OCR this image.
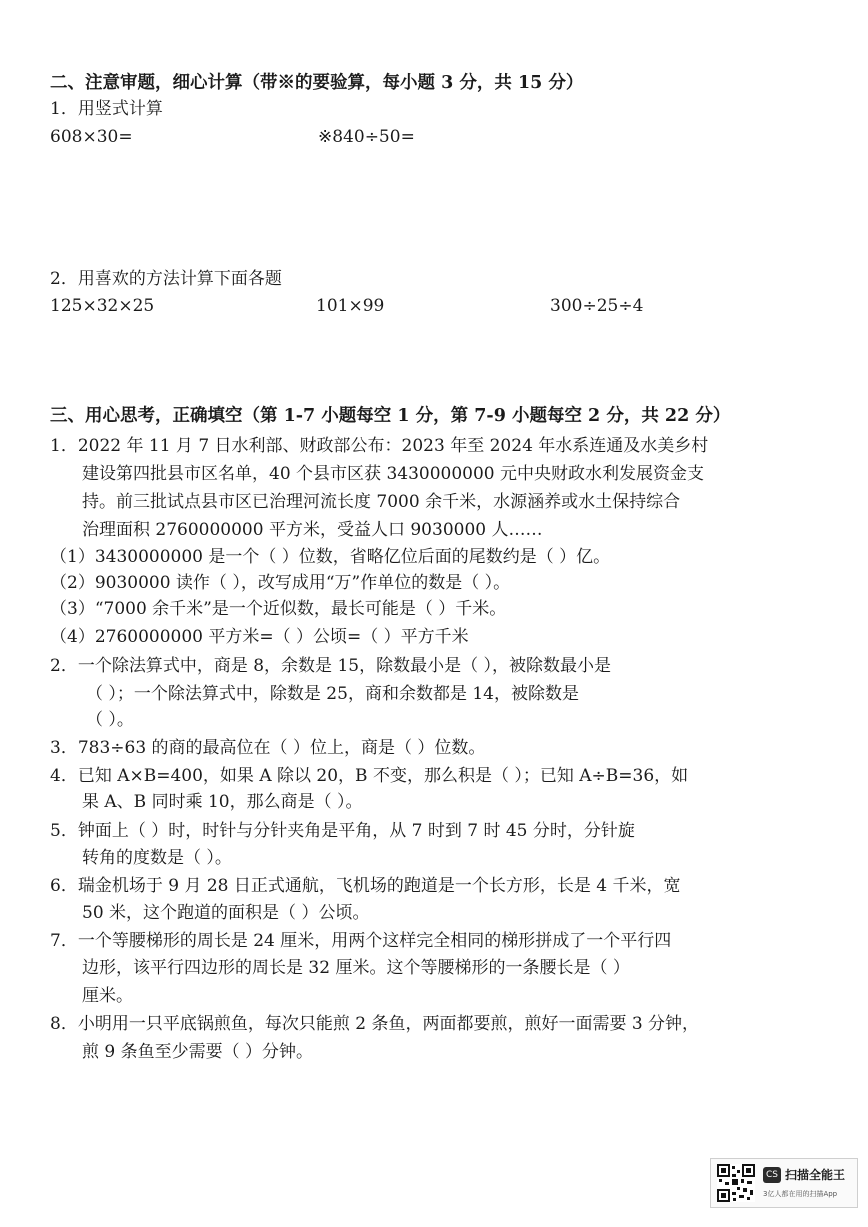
二、注意审题，细心计算（带※的要验算，每小题 3 分，共 15 分）
1．用竖式计算
608×30=	※840÷50=
2．用喜欢的方法计算下面各题
125×32×25	101×99	300÷25÷4
三、用心思考，正确填空（第 1-7 小题每空 1 分，第 7-9 小题每空 2 分，共 22 分）
1．2022 年 11 月 7 日水利部、财政部公布：2023 年至 2024 年水系连通及水美乡村
建设第四批县市区名单，40 个县市区获 3430000000 元中央财政水利发展资金支
持。前三批试点县市区已治理河流长度 7000 余千米，水源涵养或水土保持综合
治理面积 2760000000 平方米，受益人口 9030000 人……
（1）3430000000 是一个（ ）位数，省略亿位后面的尾数约是（ ）亿。
（2）9030000 读作（ ），改写成用“万”作单位的数是（ ）。
（3）“7000 余千米”是一个近似数，最长可能是（ ）千米。
（4）2760000000 平方米=（ ）公顷=（ ）平方千米
2．一个除法算式中，商是 8，余数是 15，除数最小是（ ），被除数最小是
（ ）；一个除法算式中，除数是 25，商和余数都是 14，被除数是
（ ）。
3．783÷63 的商的最高位在（ ）位上，商是（ ）位数。
4．已知 A×B=400，如果 A 除以 20，B 不变，那么积是（ ）；已知 A÷B=36，如
果 A、B 同时乘 10，那么商是（ ）。
5．钟面上（ ）时，时针与分针夹角是平角，从 7 时到 7 时 45 分时，分针旋
转角的度数是（ ）。
6．瑞金机场于 9 月 28 日正式通航，飞机场的跑道是一个长方形，长是 4 千米，宽
50 米，这个跑道的面积是（ ）公顷。
7．一个等腰梯形的周长是 24 厘米，用两个这样完全相同的梯形拼成了一个平行四
边形，该平行四边形的周长是 32 厘米。这个等腰梯形的一条腰长是（ ）
厘米。
8．小明用一只平底锅煎鱼，每次只能煎 2 条鱼，两面都要煎，煎好一面需要 3 分钟，
煎 9 条鱼至少需要（ ）分钟。
CS 扫描全能王
3亿人都在用的扫描App
